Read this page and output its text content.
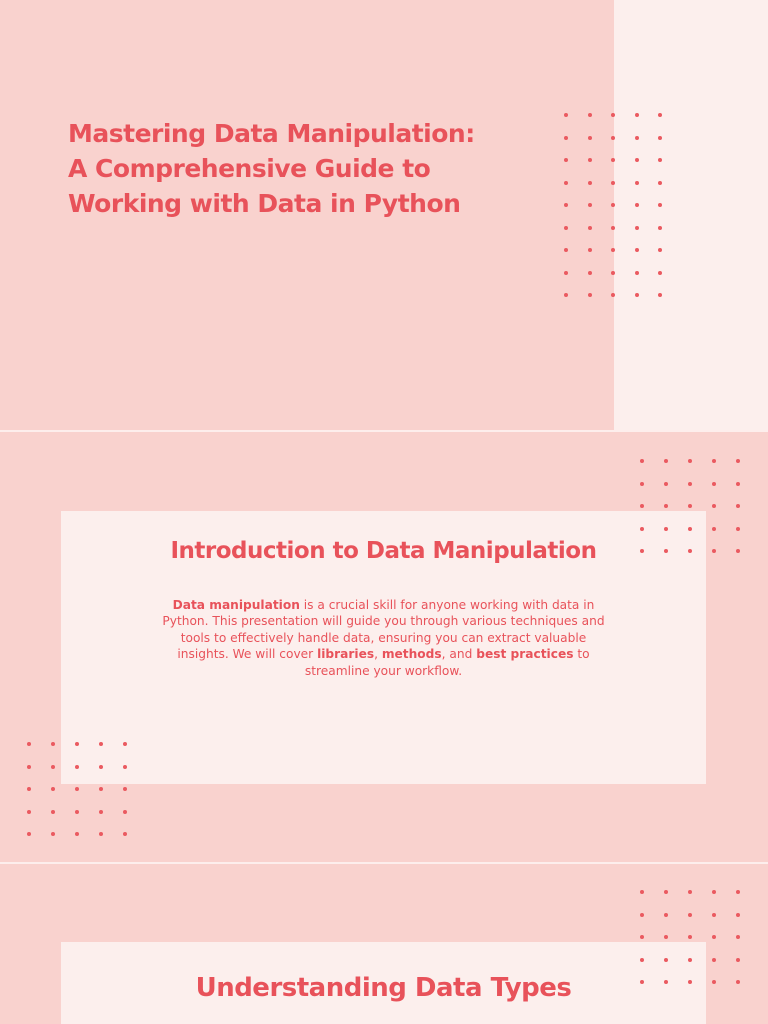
Mastering Data Manipulation:
A Comprehensive Guide to
Working with Data in Python
Introduction to Data Manipulation

Data manipulation is a crucial skill for anyone working with data in Python. This presentation will guide you through various techniques and tools to effectively handle data, ensuring you can extract valuable insights. We will cover libraries, methods, and best practices to streamline your workflow.

Understanding Data Types
